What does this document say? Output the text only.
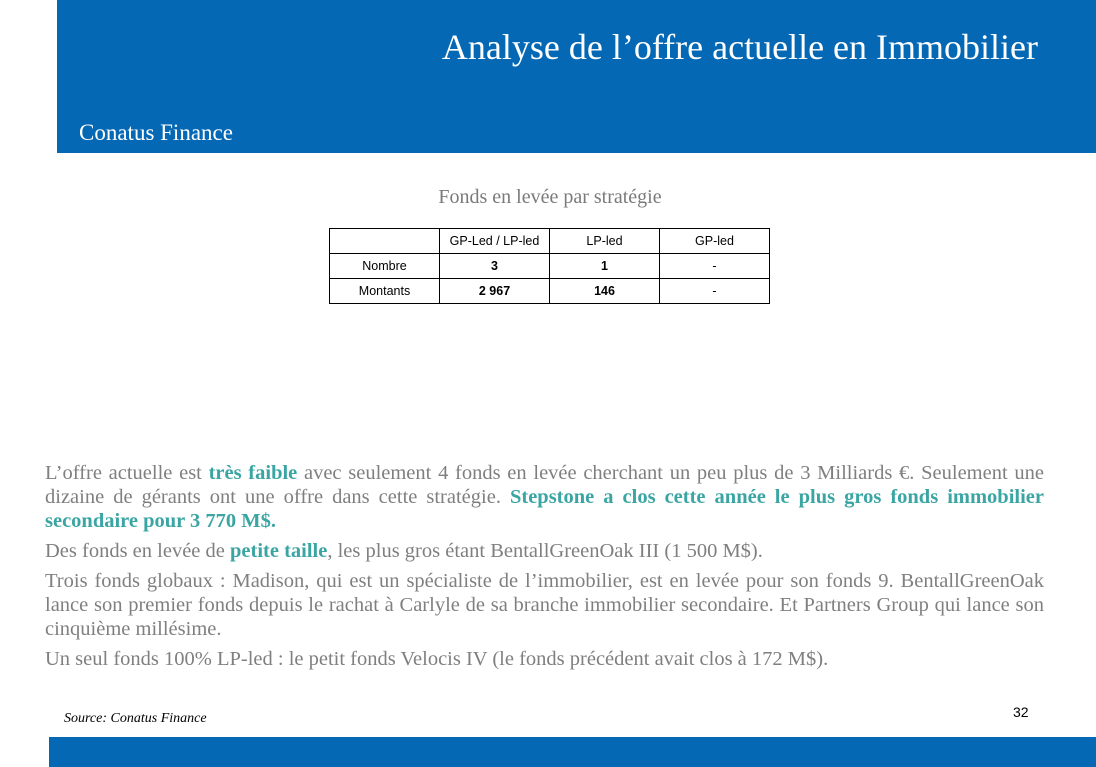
Analyse de l’offre actuelle en Immobilier
Conatus Finance
Fonds en levée par stratégie
	GP-Led / LP-led	LP-led	GP-led
Nombre	3	1	-
Montants	2 967	146	-

L’offre actuelle est très faible avec seulement 4 fonds en levée cherchant un peu plus de 3 Milliards €. Seulement une dizaine de gérants ont une offre dans cette stratégie. Stepstone a clos cette année le plus gros fonds immobilier secondaire pour 3 770 M$.

Des fonds en levée de petite taille, les plus gros étant BentallGreenOak III (1 500 M$).

Trois fonds globaux : Madison, qui est un spécialiste de l’immobilier, est en levée pour son fonds 9. BentallGreenOak lance son premier fonds depuis le rachat à Carlyle de sa branche immobilier secondaire. Et Partners Group qui lance son cinquième millésime.

Un seul fonds 100% LP-led : le petit fonds Velocis IV (le fonds précédent avait clos à 172 M$).

Source: Conatus Finance	32
